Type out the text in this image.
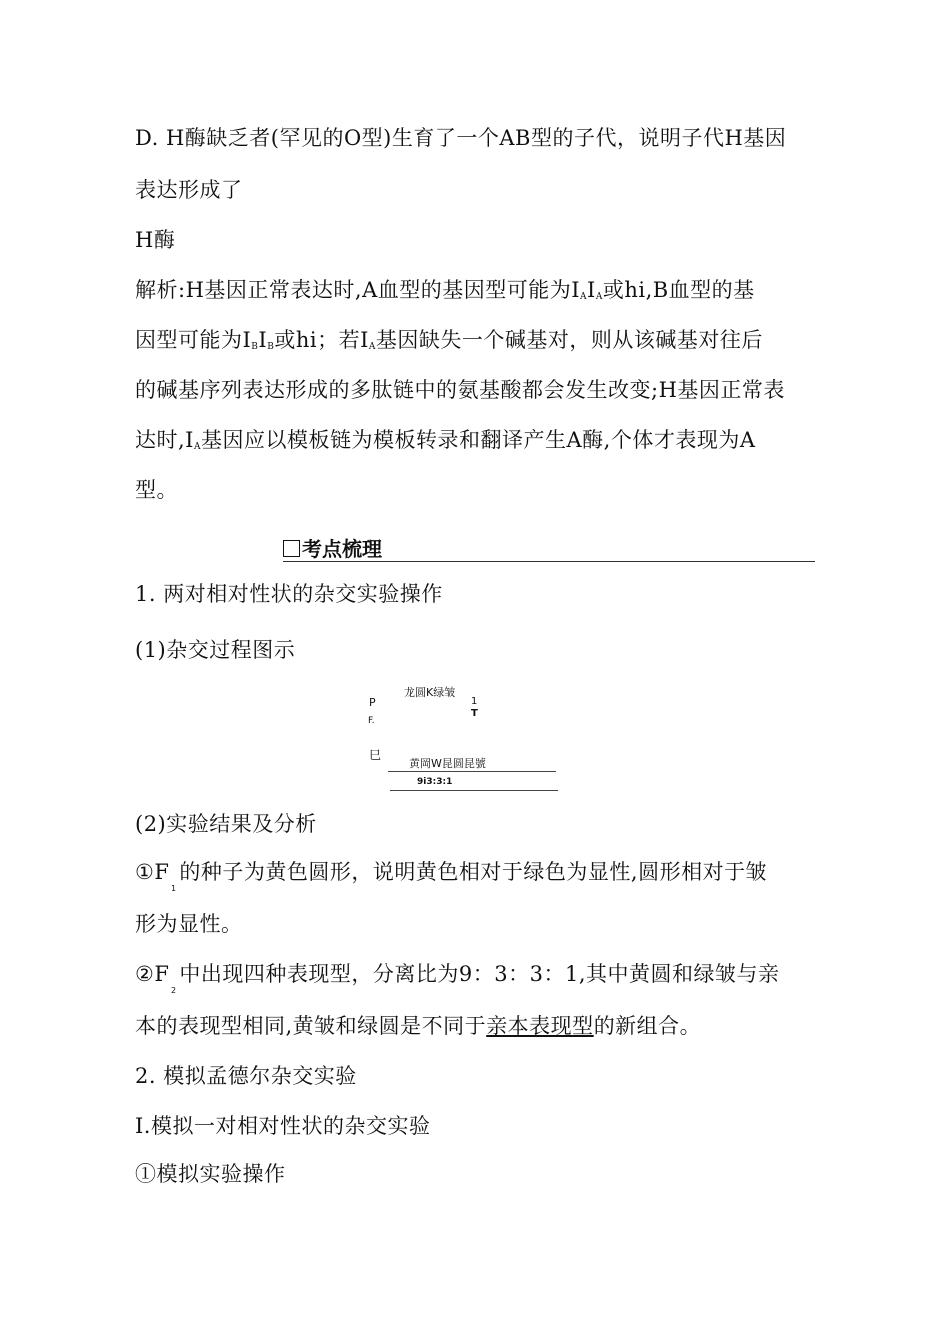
D. H酶缺乏者(罕见的O型)生育了一个AB型的子代，说明子代H基因
表达形成了
H酶
解析:H基因正常表达时,A血型的基因型可能为$I_AI_A$或hi,B血型的基
因型可能为$I_BI_B$或hi；若$I_A$基因缺失一个碱基对，则从该碱基对往后
的碱基序列表达形成的多肽链中的氨基酸都会发生改变;H基因正常表
达时$,I_A$基因应以模板链为模板转录和翻译产生A酶,个体才表现为A
型。
考点梳理
1. 两对相对性状的杂交实验操作
(1)杂交过程图示
龙圆K绿皱
P	1
T
F.
巳
黄岡W昆圆昆號
9i3:3:1
(2)实验结果及分析
①F 的种子为黄色圆形，说明黄色相对于绿色为显性,圆形相对于皱
1
形为显性。
②F 中出现四种表现型，分离比为9：3：3：1,其中黄圆和绿皱与亲
2
本的表现型相同,黄皱和绿圆是不同于亲本表现型的新组合。
2. 模拟孟德尔杂交实验
I.模拟一对相对性状的杂交实验
①模拟实验操作
